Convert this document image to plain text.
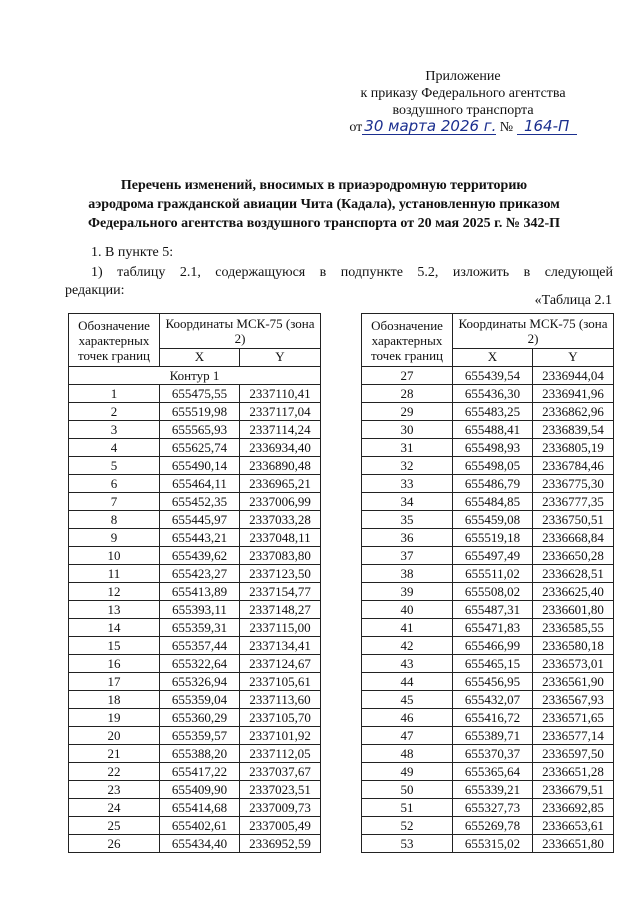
Приложение
к приказу Федерального агентства
воздушного транспорта
от 30 марта 2026 г. № 164-П
Перечень изменений, вносимых в приаэродромную территорию
аэродрома гражданской авиации Чита (Кадала), установленную приказом
Федерального агентства воздушного транспорта от 20 мая 2025 г. № 342-П
1. В пункте 5:
1) таблицу 2.1, содержащуюся в подпункте 5.2, изложить в следующей
редакции:
«Таблица 2.1
Обозначение характерных точек границ	Координаты МСК-75 (зона 2)	
	X	Y
Контур 1		
1	655475,55	2337110,41
2	655519,98	2337117,04
3	655565,93	2337114,24
4	655625,74	2336934,40
5	655490,14	2336890,48
6	655464,11	2336965,21
7	655452,35	2337006,99
8	655445,97	2337033,28
9	655443,21	2337048,11
10	655439,62	2337083,80
11	655423,27	2337123,50
12	655413,89	2337154,77
13	655393,11	2337148,27
14	655359,31	2337115,00
15	655357,44	2337134,41
16	655322,64	2337124,67
17	655326,94	2337105,61
18	655359,04	2337113,60
19	655360,29	2337105,70
20	655359,57	2337101,92
21	655388,20	2337112,05
22	655417,22	2337037,67
23	655409,90	2337023,51
24	655414,68	2337009,73
25	655402,61	2337005,49
26	655434,40	2336952,59
Обозначение характерных точек границ	Координаты МСК-75 (зона 2)	
	X	Y
27	655439,54	2336944,04
28	655436,30	2336941,96
29	655483,25	2336862,96
30	655488,41	2336839,54
31	655498,93	2336805,19
32	655498,05	2336784,46
33	655486,79	2336775,30
34	655484,85	2336777,35
35	655459,08	2336750,51
36	655519,18	2336668,84
37	655497,49	2336650,28
38	655511,02	2336628,51
39	655508,02	2336625,40
40	655487,31	2336601,80
41	655471,83	2336585,55
42	655466,99	2336580,18
43	655465,15	2336573,01
44	655456,95	2336561,90
45	655432,07	2336567,93
46	655416,72	2336571,65
47	655389,71	2336577,14
48	655370,37	2336597,50
49	655365,64	2336651,28
50	655339,21	2336679,51
51	655327,73	2336692,85
52	655269,78	2336653,61
53	655315,02	2336651,80
